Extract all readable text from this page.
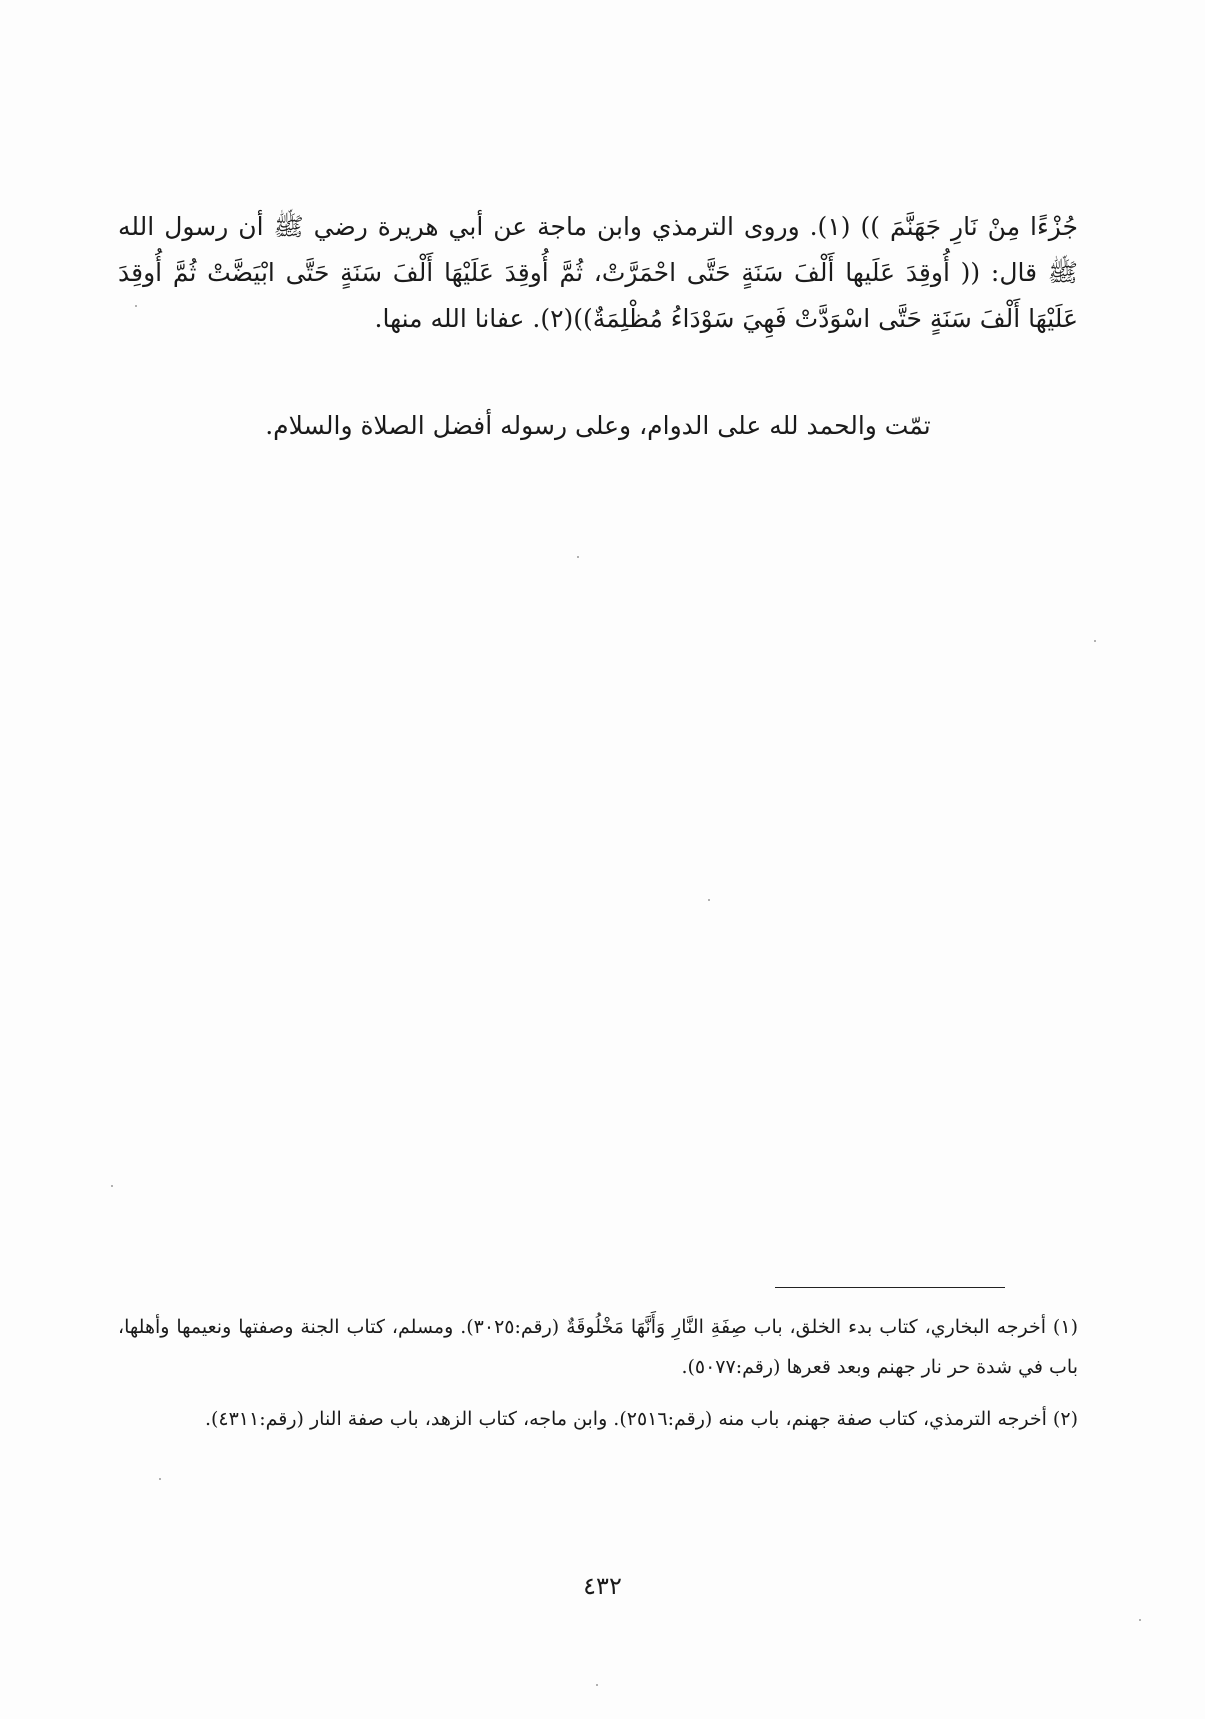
جُزْءًا مِنْ نَارِ جَهَنَّمَ )) (١). وروى الترمذي وابن ماجة عن أبي هريرة رضي ﷺ أن رسول الله ﷺ قال: (( أُوقِدَ عَلَيها أَلْفَ سَنَةٍ حَتَّى احْمَرَّتْ، ثُمَّ أُوقِدَ عَلَيْهَا أَلْفَ سَنَةٍ حَتَّى ابْيَضَّتْ ثُمَّ أُوقِدَ عَلَيْهَا أَلْفَ سَنَةٍ حَتَّى اسْوَدَّتْ فَهِيَ سَوْدَاءُ مُظْلِمَةٌ))(٢). عفانا الله منها.

تمّت والحمد لله على الدوام، وعلى رسوله أفضل الصلاة والسلام.

(١) أخرجه البخاري، كتاب بدء الخلق، باب صِفَةِ النَّارِ وَأَنَّهَا مَخْلُوقَةٌ (رقم:٣٠٢٥). ومسلم، كتاب الجنة وصفتها ونعيمها وأهلها، باب في شدة حر نار جهنم وبعد قعرها (رقم:٥٠٧٧).

(٢) أخرجه الترمذي، كتاب صفة جهنم، باب منه (رقم:٢٥١٦). وابن ماجه، كتاب الزهد، باب صفة النار (رقم:٤٣١١).

٤٣٢
